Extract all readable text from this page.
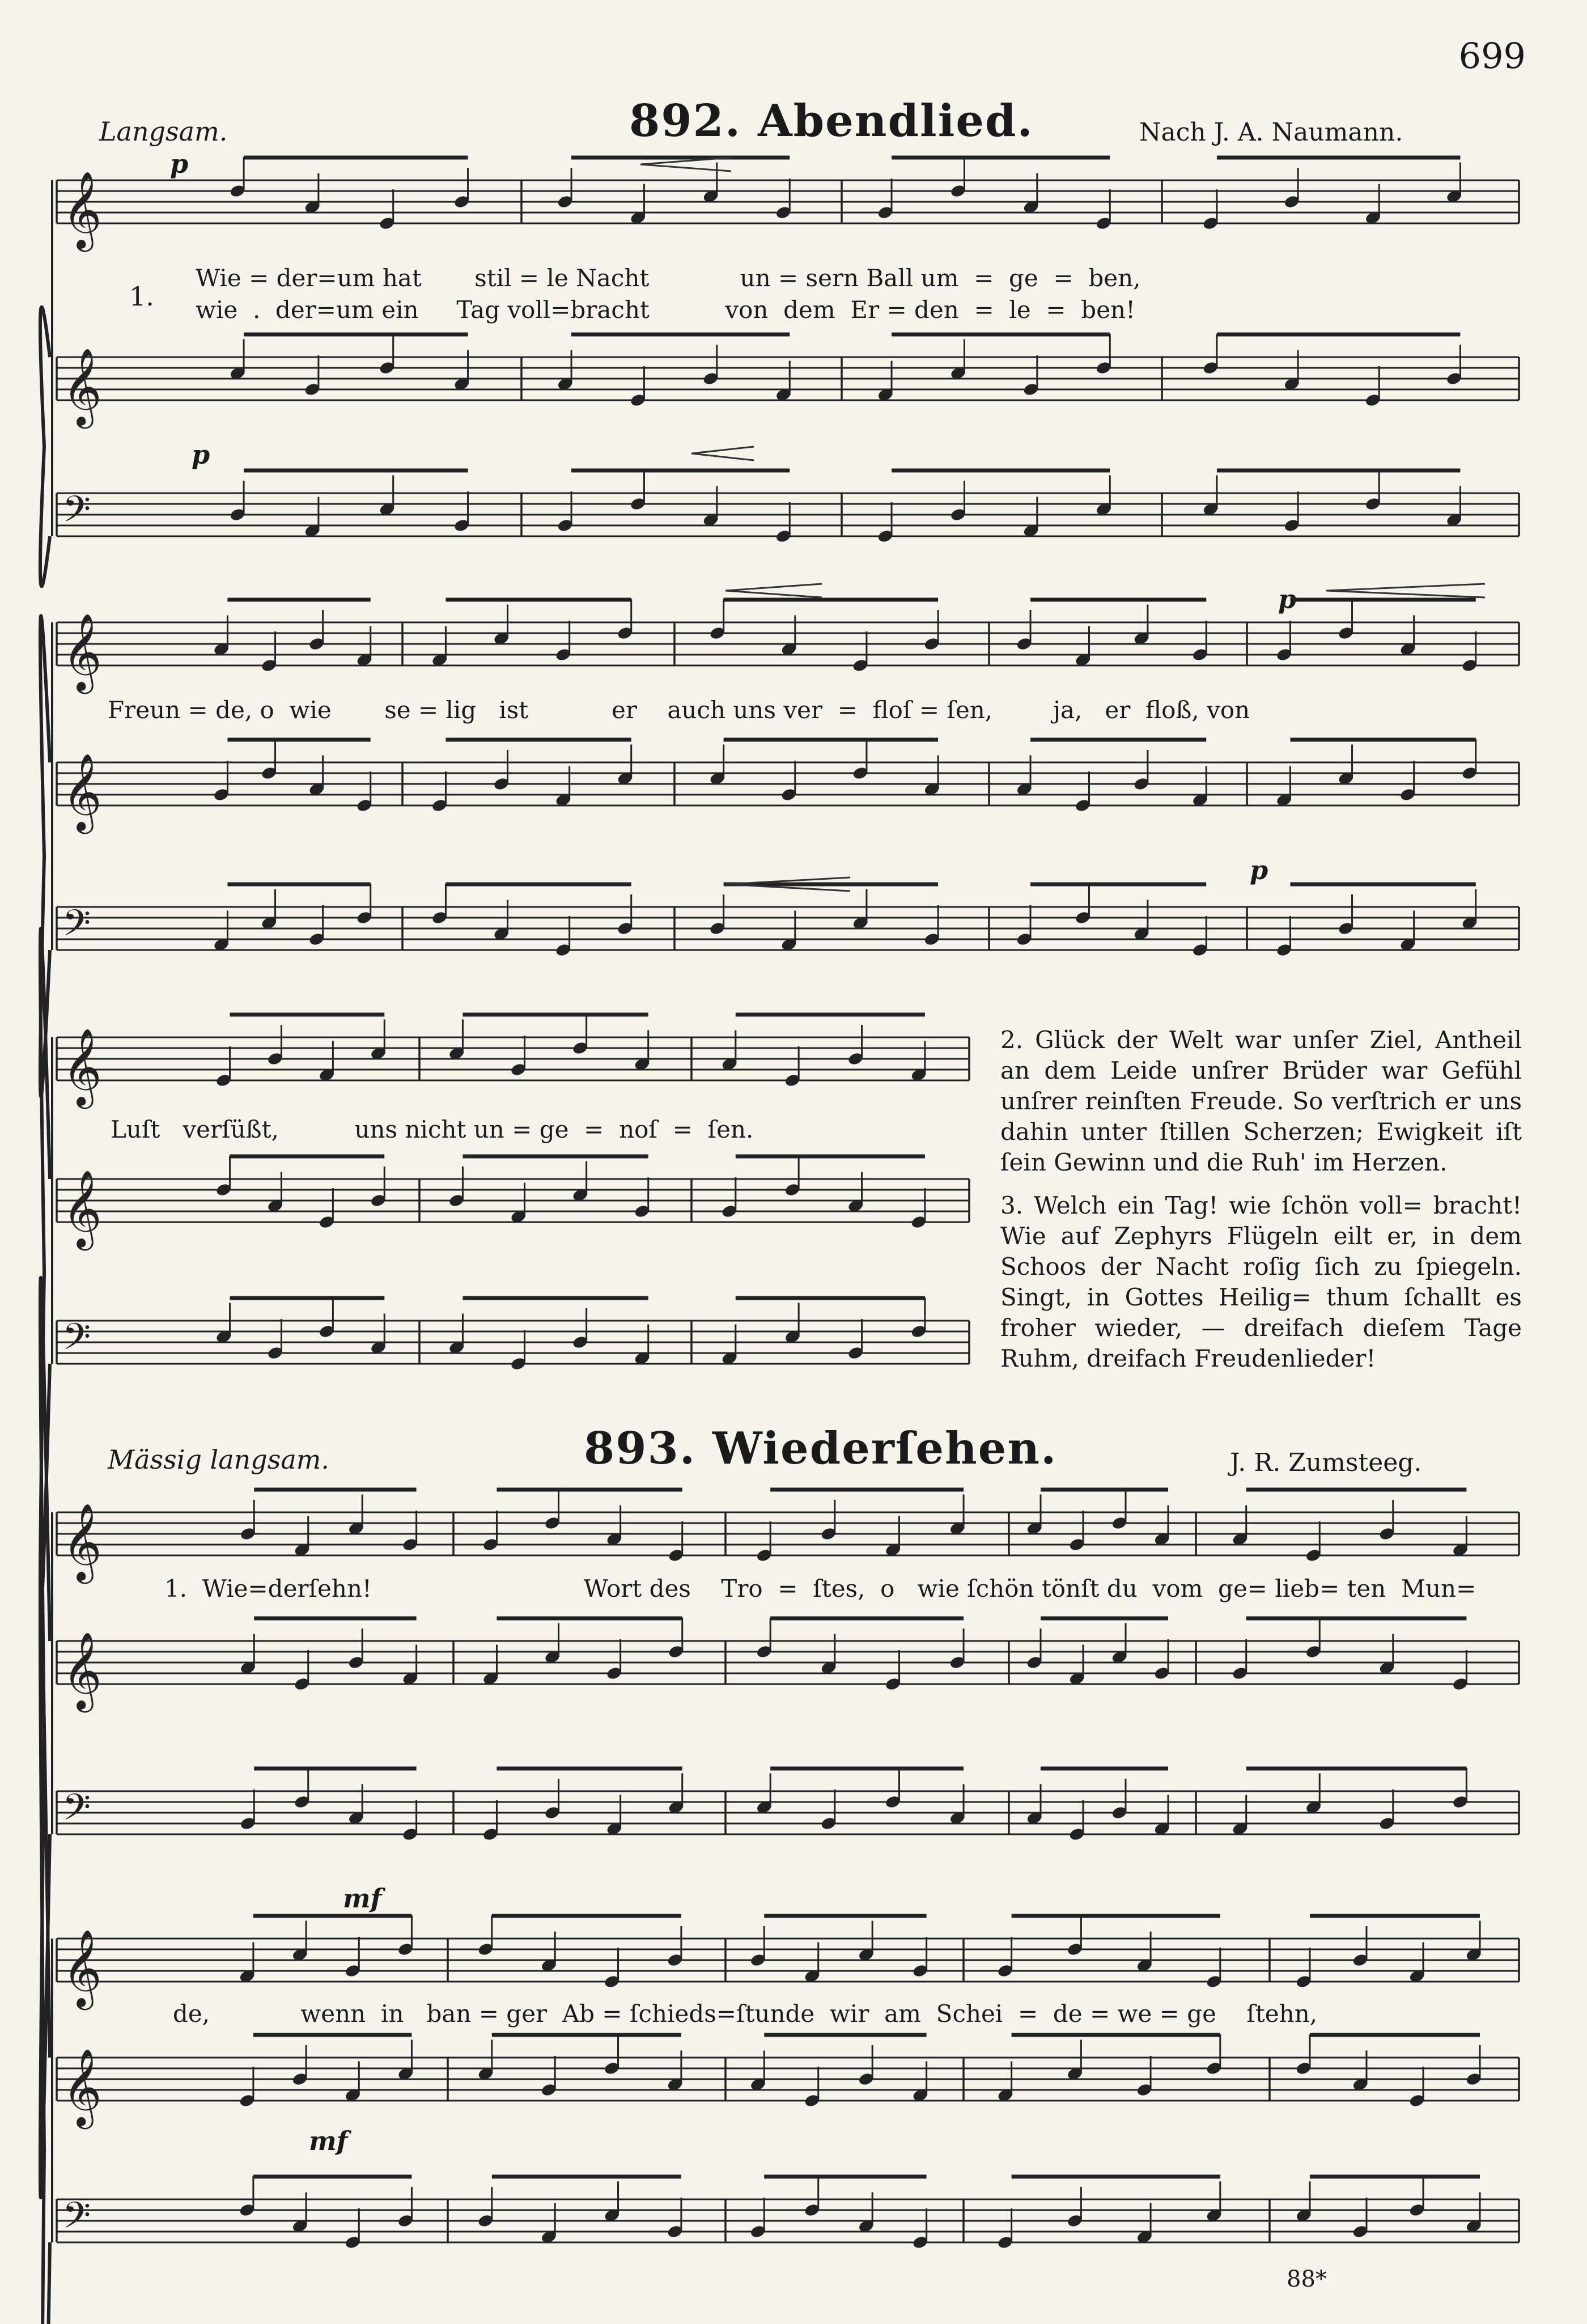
699
Langsam.	892. Abendlied.	Nach J. A. Naumann.
p
1.
Wie = der=um hat       stil = le Nacht            un = sern Ball um  =  ge  =  ben,
wie  .  der=um ein     Tag voll=bracht          von  dem  Er = den  =  le  =  ben!
p
p
Freun = de, o  wie       se = lig   ist           er    auch uns ver  =  floſ = ſen,        ja,   er  floß, von
p
Luſt   verſüßt,          uns nicht un = ge  =  noſ  =  ſen.

2. Glück der Welt war unſer Ziel, Antheil an dem Leide unſrer Brüder war Gefühl unſrer reinſten Freude. So verſtrich er uns dahin unter ſtillen Scherzen; Ewigkeit iſt ſein Gewinn und die Ruh' im Herzen.

3. Welch ein Tag! wie ſchön voll= bracht! Wie auf Zephyrs Flügeln eilt er, in dem Schoos der Nacht roſig ſich zu ſpiegeln. Singt, in Gottes Heilig= thum ſchallt es froher wieder, — dreifach dieſem Tage Ruhm, dreifach Freudenlieder!

Mässig langsam.	893. Wiederſehen.	J. R. Zumsteeg.
1.  Wie=derſehn!                            Wort des    Tro  =  ſtes,  o   wie ſchön tönſt du  vom  ge= lieb= ten  Mun=
mf
de,            wenn  in   ban = ger  Ab = ſchieds=ſtunde  wir  am  Schei  =  de = we = ge    ſtehn,
mf
88*
𝄞
𝄞
𝄢
𝄞
𝄞
𝄢
𝄞
𝄞
𝄢
𝄞
𝄞
𝄢
𝄞
𝄞
𝄢
